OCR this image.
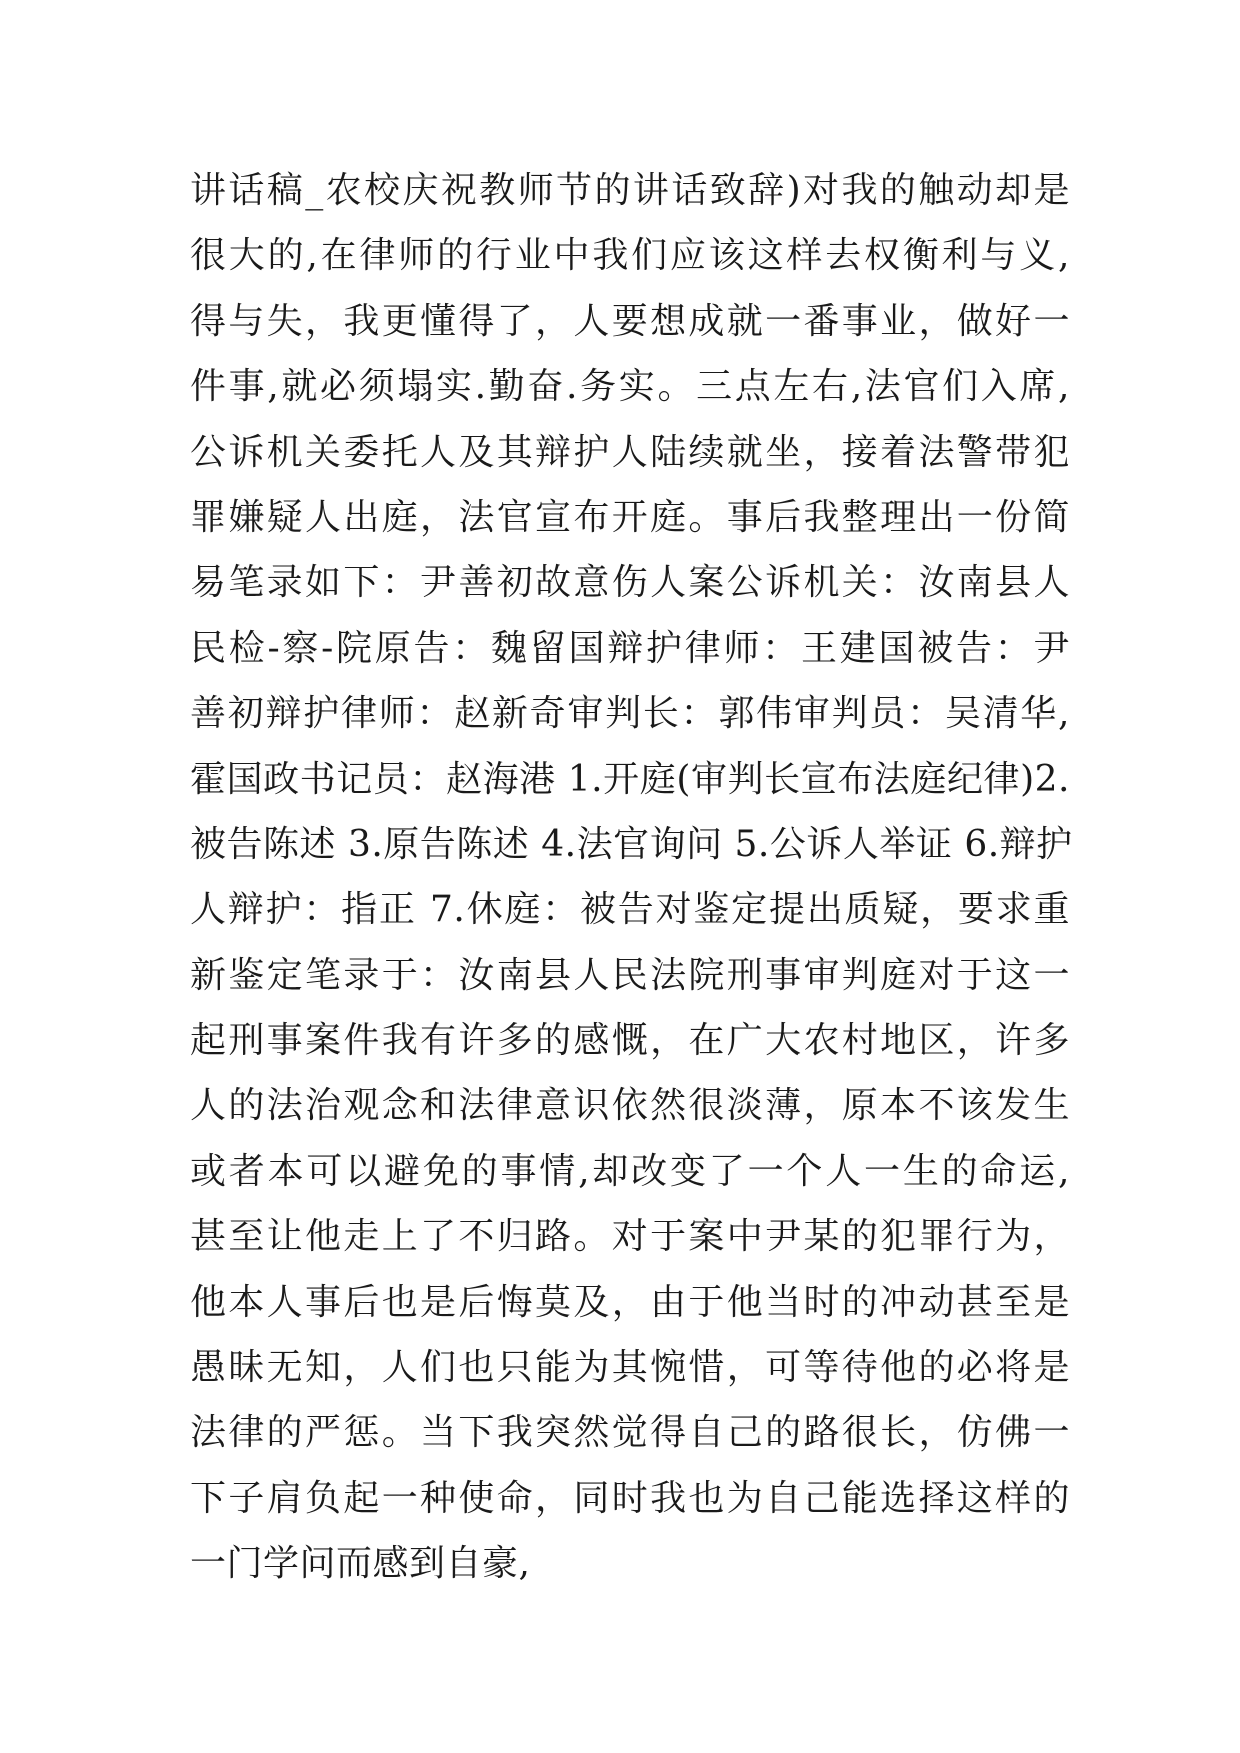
讲话稿_农校庆祝教师节的讲话致辞)对我的触动却是
很大的,在律师的行业中我们应该这样去权衡利与义,
得与失，我更懂得了，人要想成就一番事业，做好一
件事,就必须塌实.勤奋.务实。三点左右,法官们入席,
公诉机关委托人及其辩护人陆续就坐，接着法警带犯
罪嫌疑人出庭，法官宣布开庭。事后我整理出一份简
易笔录如下：尹善初故意伤人案公诉机关：汝南县人
民检-察-院原告：魏留国辩护律师：王建国被告：尹
善初辩护律师：赵新奇审判长：郭伟审判员：吴清华,
霍国政书记员：赵海港 1.开庭(审判长宣布法庭纪律)2.
被告陈述 3.原告陈述 4.法官询问 5.公诉人举证 6.辩护
人辩护：指正 7.休庭：被告对鉴定提出质疑，要求重
新鉴定笔录于：汝南县人民法院刑事审判庭对于这一
起刑事案件我有许多的感慨，在广大农村地区，许多
人的法治观念和法律意识依然很淡薄，原本不该发生
或者本可以避免的事情,却改变了一个人一生的命运,
甚至让他走上了不归路。对于案中尹某的犯罪行为，
他本人事后也是后悔莫及，由于他当时的冲动甚至是
愚昧无知，人们也只能为其惋惜，可等待他的必将是
法律的严惩。当下我突然觉得自己的路很长，仿佛一
下子肩负起一种使命，同时我也为自己能选择这样的
一门学问而感到自豪,
